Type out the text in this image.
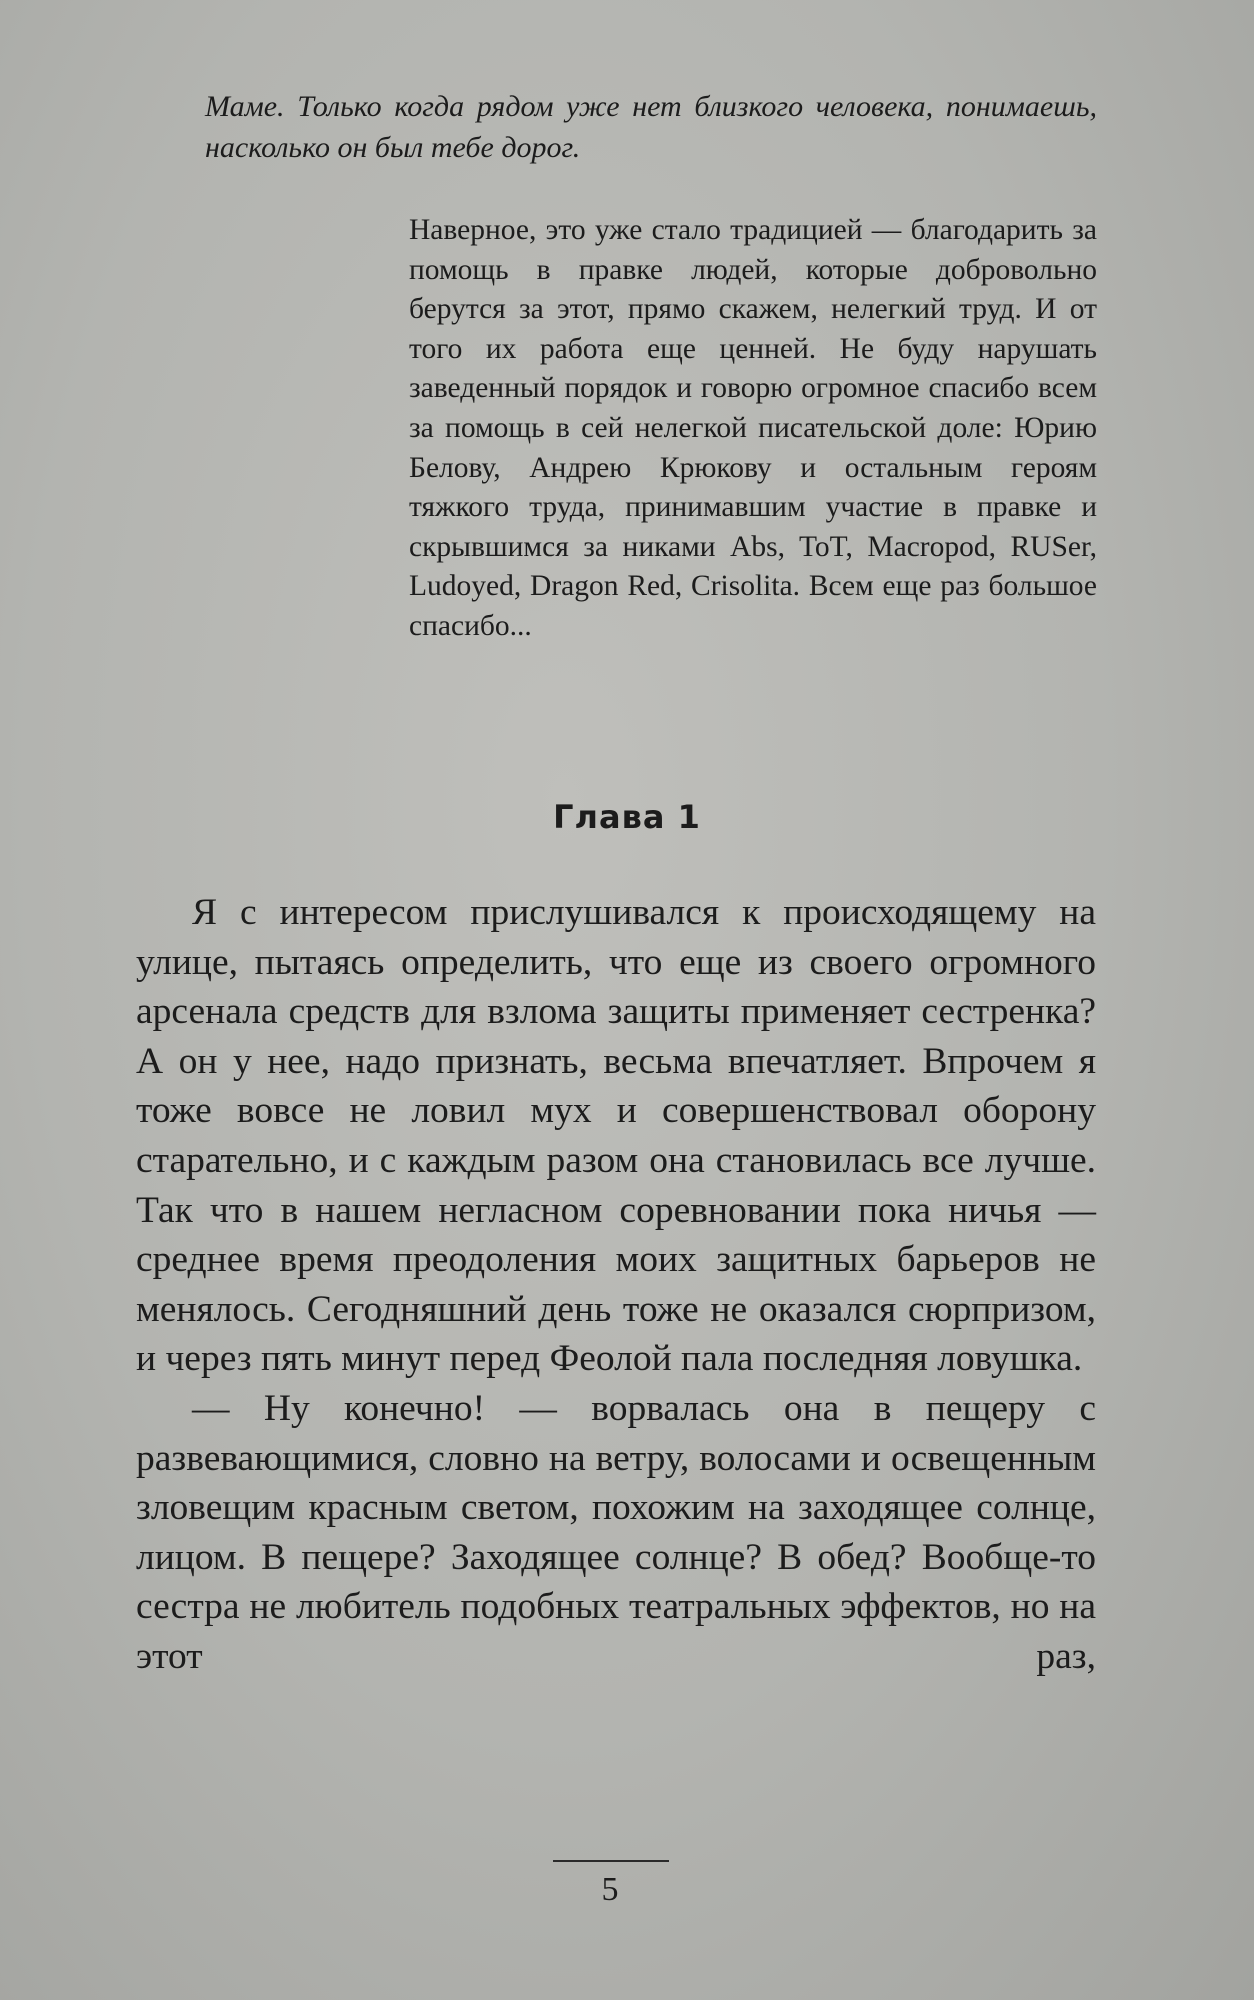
Маме. Только когда рядом уже нет близкого человека, понимаешь, насколько он был тебе дорог.
Наверное, это уже стало традицией — благодарить за помощь в правке людей, которые добровольно берутся за этот, прямо скажем, нелегкий труд. И от того их работа еще ценней. Не буду нарушать заведенный порядок и говорю огромное спасибо всем за помощь в сей нелегкой писательской доле: Юрию Белову, Андрею Крюкову и остальным героям тяжкого труда, принимавшим участие в правке и скрывшимся за никами Abs, ToT, Macropod, RUSer, Ludoyed, Dragon Red, Crisolita. Всем еще раз большое спасибо...
Глава 1

Я с интересом прислушивался к происходящему на улице, пытаясь определить, что еще из своего огромного арсенала средств для взлома защиты применяет сестренка? А он у нее, надо признать, весьма впечатляет. Впрочем я тоже вовсе не ловил мух и совершенствовал оборону старательно, и с каждым разом она становилась все лучше. Так что в нашем негласном соревновании пока ничья — среднее время преодоления моих защитных барьеров не менялось. Сегодняшний день тоже не оказался сюрпризом, и через пять минут перед Феолой пала последняя ловушка.

— Ну конечно! — ворвалась она в пещеру с развевающимися, словно на ветру, волосами и освещенным зловещим красным светом, похожим на заходящее солнце, лицом. В пещере? Заходящее солнце? В обед? Вообще-то сестра не любитель подобных театральных эффектов, но на этот раз,

5
